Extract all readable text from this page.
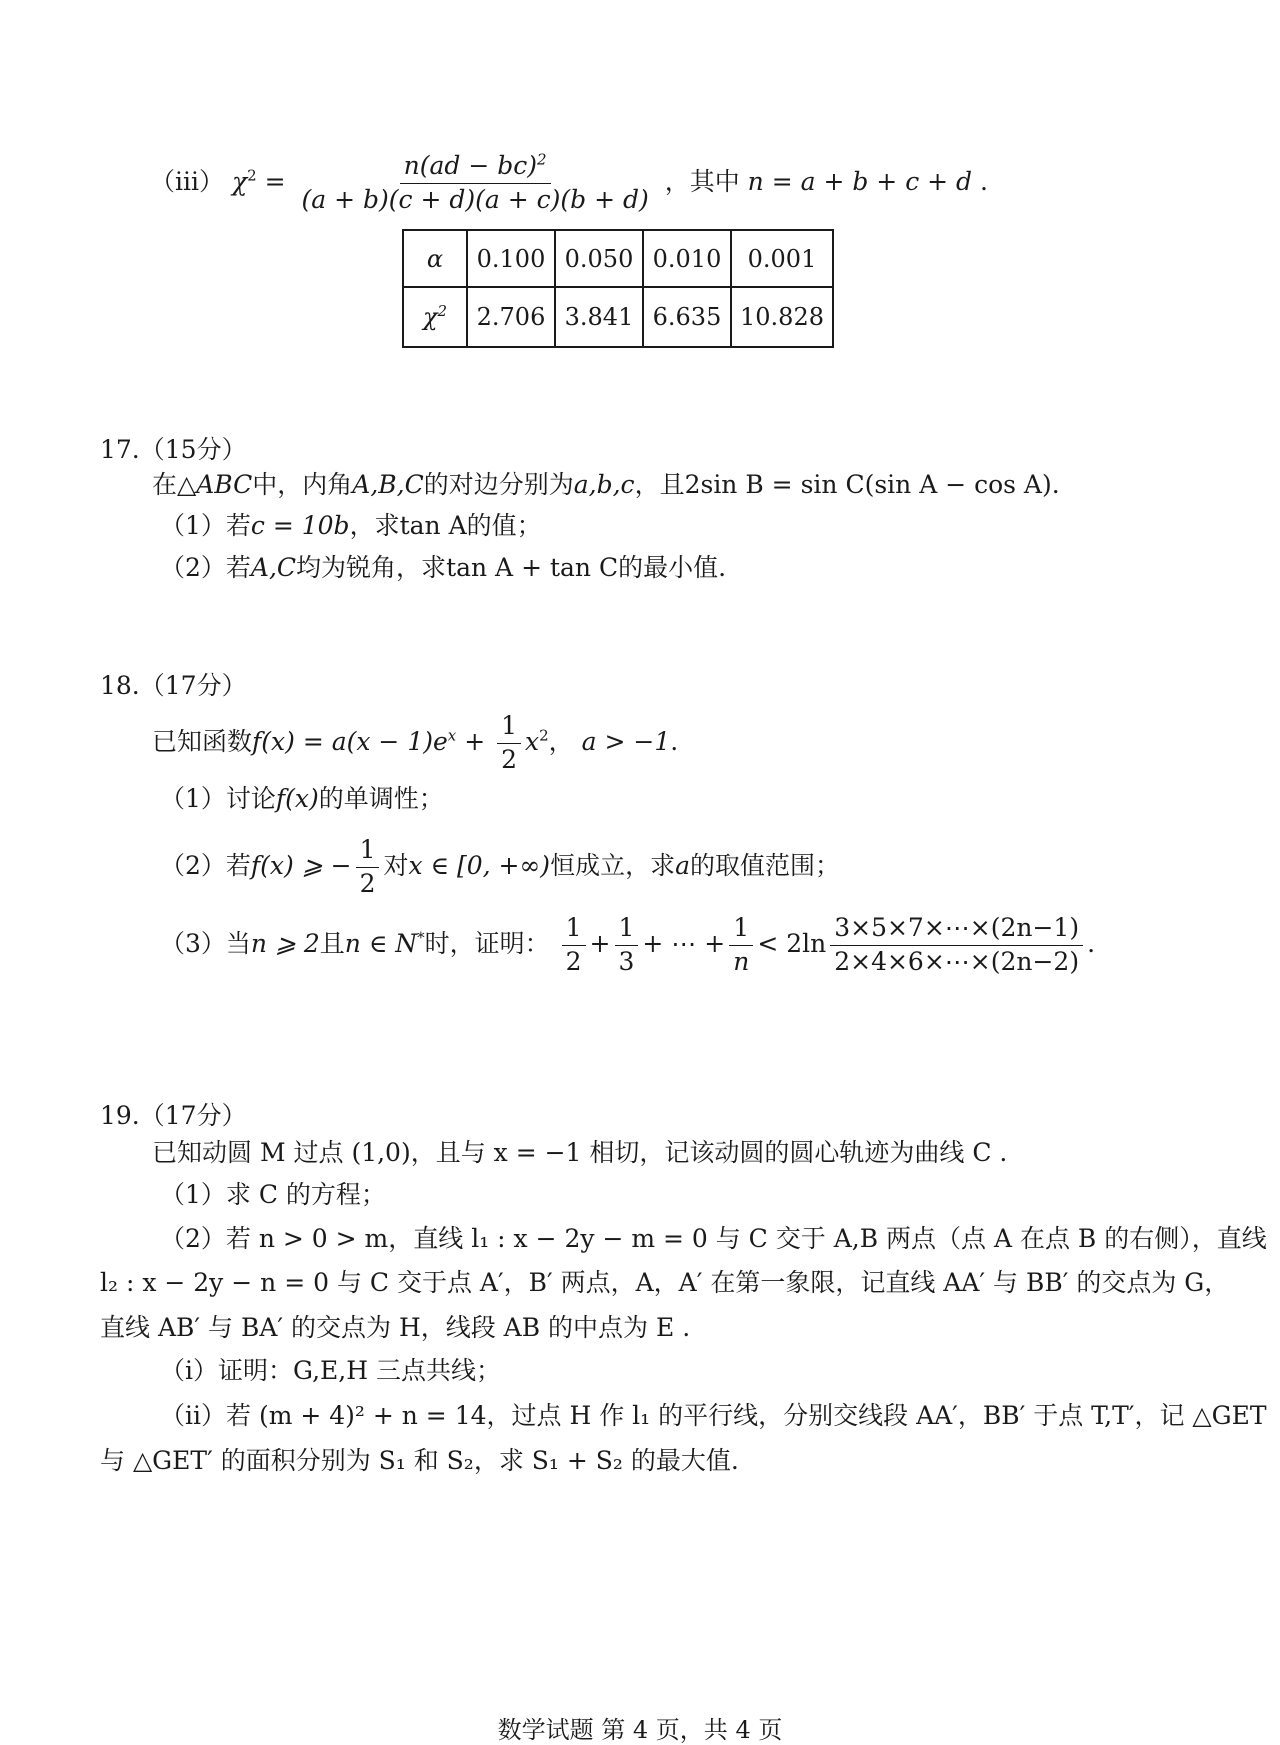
（iii） $\chi^2 = \frac{n(ad - bc)^2}{(a + b)(c + d)(a + c)(b + d)}$ ，其中 n = a + b + c + d .
α	0.100	0.050	0.010	0.001
$\chi^2$	2.706	3.841	6.635	10.828
17.（15分）
在△ABC中，内角A,B,C的对边分别为a,b,c，且2sin B = sin C(sin A − cos A).
（1）若c = 10b，求tan A的值；
（2）若A,C均为锐角，求tan A + tan C的最小值.
18.（17分）
已知函数$f(x) = a(x - 1)e^x + \frac{1}{2} x^2$， a > −1.
（1）讨论f(x)的单调性；
（2）若f(x) ⩾ − $\frac{1}{2}$ 对x ∈ [0, +∞)恒成立，求a的取值范围；
（3）当n ⩾ 2且n ∈ N*时，证明： $\frac{1}{2} + \frac{1}{3}$ + ⋯ + $\frac{1}{n} < 2\ln \frac{3\times 5\times 7\times\cdots\times(2n-1)}{2\times 4\times 6\times\cdots\times(2n-2)}$ .
19.（17分）
已知动圆 M 过点 (1,0)，且与 x = −1 相切，记该动圆的圆心轨迹为曲线 C .
（1）求 C 的方程；
（2）若 n > 0 > m，直线 l₁ : x − 2y − m = 0 与 C 交于 A,B 两点（点 A 在点 B 的右侧），直线
l₂ : x − 2y − n = 0 与 C 交于点 A′，B′ 两点，A，A′ 在第一象限，记直线 AA′ 与 BB′ 的交点为 G，
直线 AB′ 与 BA′ 的交点为 H，线段 AB 的中点为 E .
（i）证明：G,E,H 三点共线；
（ii）若 (m + 4)² + n = 14，过点 H 作 l₁ 的平行线，分别交线段 AA′，BB′ 于点 T,T′，记 △GET
与 △GET′ 的面积分别为 S₁ 和 S₂，求 S₁ + S₂ 的最大值.
数学试题 第 4 页，共 4 页
